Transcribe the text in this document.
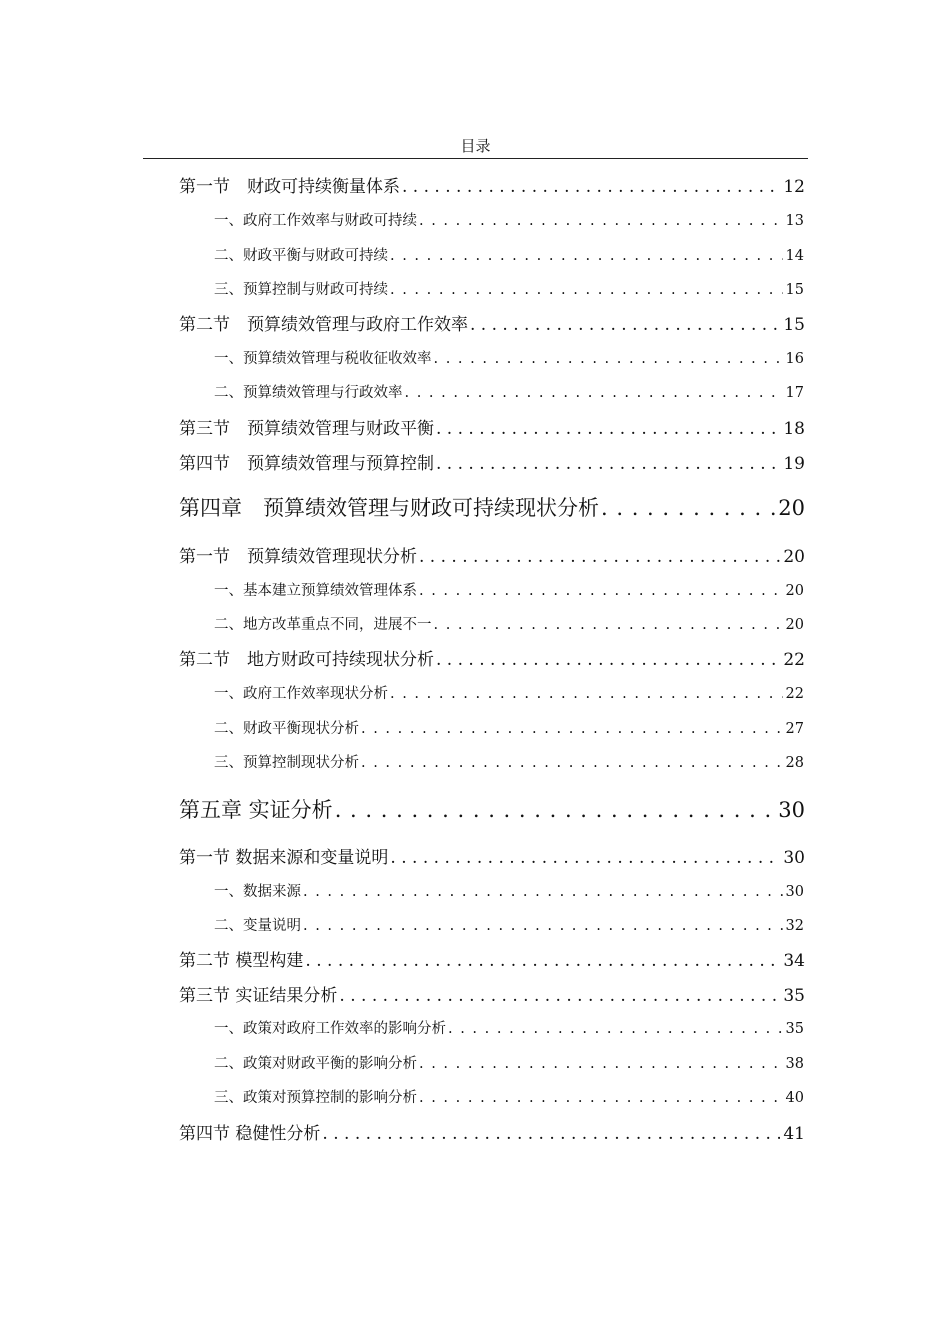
目录
第一节　财政可持续衡量体系 . . .	12
一、政府工作效率与财政可持续 . . .	13
二、财政平衡与财政可持续 . . .	14
三、预算控制与财政可持续 . . .	15
第二节　预算绩效管理与政府工作效率 . . .	15
一、预算绩效管理与税收征收效率 . . .	16
二、预算绩效管理与行政效率 . . .	17
第三节　预算绩效管理与财政平衡 . . .	18
第四节　预算绩效管理与预算控制 . . .	19
第四章　预算绩效管理与财政可持续现状分析 . . .	20
第一节　预算绩效管理现状分析 . . .	20
一、基本建立预算绩效管理体系 . . .	20
二、地方改革重点不同，进展不一 . . .	20
第二节　地方财政可持续现状分析 . . .	22
一、政府工作效率现状分析 . . .	22
二、财政平衡现状分析 . . .	27
三、预算控制现状分析 . . .	28
第五章 实证分析 . . .	30
第一节 数据来源和变量说明 . . .	30
一、数据来源 . . .	30
二、变量说明 . . .	32
第二节 模型构建 . . .	34
第三节 实证结果分析 . . .	35
一、政策对政府工作效率的影响分析 . . .	35
二、政策对财政平衡的影响分析 . . .	38
三、政策对预算控制的影响分析 . . .	40
第四节 稳健性分析 . . .	41
